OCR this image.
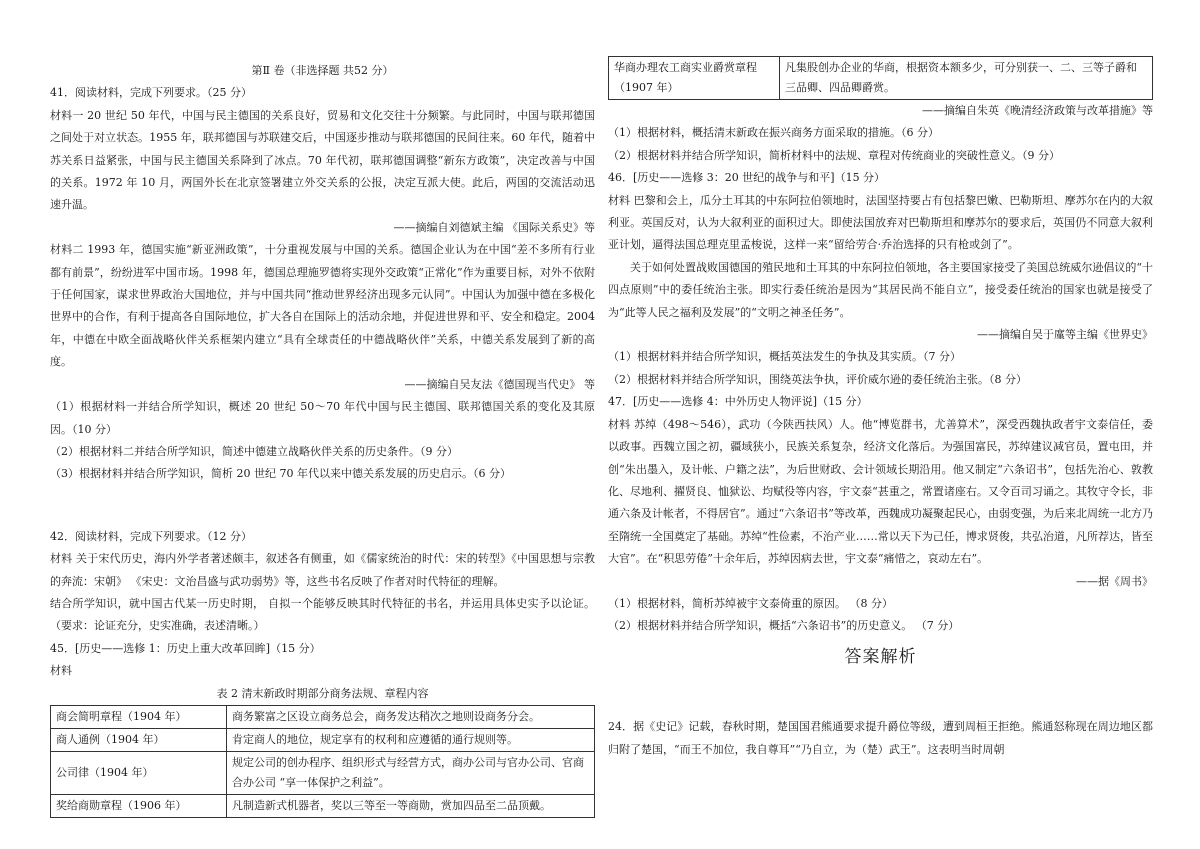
第Ⅱ 卷（非选择题 共52 分）

41．阅读材料，完成下列要求。（25 分）

材料一 20 世纪 50 年代，中国与民主德国的关系良好，贸易和文化交往十分频繁。与此同时，中国与联邦德国之间处于对立状态。1955 年，联邦德国与苏联建交后，中国逐步推动与联邦德国的民间往来。60 年代，随着中苏关系日益紧张，中国与民主德国关系降到了冰点。70 年代初，联邦德国调整“新东方政策”，决定改善与中国的关系。1972 年 10 月，两国外长在北京签署建立外交关系的公报，决定互派大使。此后，两国的交流活动迅速升温。

——摘编自刘德斌主编 《国际关系史》等

材料二 1993 年，德国实施“新亚洲政策”，十分重视发展与中国的关系。德国企业认为在中国“差不多所有行业都有前景”，纷纷进军中国市场。1998 年，德国总理施罗德将实现外交政策“正常化”作为重要目标，对外不依附于任何国家，谋求世界政治大国地位，并与中国共同“推动世界经济出现多元认同”。中国认为加强中德在多极化世界中的合作，有利于提高各自国际地位，扩大各自在国际上的活动余地，并促进世界和平、安全和稳定。2004 年，中德在中欧全面战略伙伴关系框架内建立“具有全球责任的中德战略伙伴”关系，中德关系发展到了新的高度。

——摘编自吴友法《德国现当代史》 等

（1）根据材料一并结合所学知识，概述 20 世纪 50～70 年代中国与民主德国、联邦德国关系的变化及其原因。（10 分）

（2）根据材料二并结合所学知识，简述中德建立战略伙伴关系的历史条件。（9 分）

（3）根据材料并结合所学知识，简析 20 世纪 70 年代以来中德关系发展的历史启示。（6 分）

42．阅读材料，完成下列要求。（12 分）

材料 关于宋代历史，海内外学者著述颇丰，叙述各有侧重，如《儒家统治的时代：宋的转型》《中国思想与宗教的奔流：宋朝》 《宋史：文治昌盛与武功弱势》等，这些书名反映了作者对时代特征的理解。

结合所学知识，就中国古代某一历史时期， 自拟一个能够反映其时代特征的书名，并运用具体史实予以论证。（要求：论证充分，史实准确，表述清晰。）

45．[历史——选修 1：历史上重大改革回眸]（15 分）

材料

表 2 清末新政时期部分商务法规、章程内容

商会简明章程（1904 年）	商务繁富之区设立商务总会，商务发达稍次之地则设商务分会。
商人通例（1904 年）	肯定商人的地位，规定享有的权利和应遵循的通行规则等。
公司律（1904 年）	规定公司的创办程序、组织形式与经营方式，商办公司与官办公司、官商合办公司 “享一体保护之利益”。
奖给商勋章程（1906 年）	凡制造新式机器者，奖以三等至一等商勋，赏加四品至二品顶戴。
华商办理农工商实业爵赏章程（1907 年）	凡集股创办企业的华商，根据资本额多少，可分别获一、二、三等子爵和三品卿、四品卿爵赏。

——摘编自朱英《晚清经济政策与改革措施》等

（1）根据材料，概括清末新政在振兴商务方面采取的措施。（6 分）

（2）根据材料并结合所学知识，简析材料中的法规、章程对传统商业的突破性意义。（9 分）

46．[历史——选修 3：20 世纪的战争与和平]（15 分）

材料 巴黎和会上，瓜分土耳其的中东阿拉伯领地时，法国坚持要占有包括黎巴嫩、巴勒斯坦、摩苏尔在内的大叙利亚。英国反对，认为大叙利亚的面积过大。即使法国放弃对巴勒斯坦和摩苏尔的要求后，英国仍不同意大叙利亚计划，逼得法国总理克里孟梭说，这样一来“留给劳合·乔治选择的只有枪或剑了”。

关于如何处置战败国德国的殖民地和土耳其的中东阿拉伯领地，各主要国家接受了美国总统威尔逊倡议的“十四点原则”中的委任统治主张。即实行委任统治是因为“其居民尚不能自立”，接受委任统治的国家也就是接受了为“此等人民之福利及发展”的“文明之神圣任务”。

——摘编自吴于廑等主编《世界史》

（1）根据材料并结合所学知识，概括英法发生的争执及其实质。（7 分）

（2）根据材料并结合所学知识，围绕英法争执，评价威尔逊的委任统治主张。（8 分）

47．[历史——选修 4：中外历史人物评说]（15 分）

材料 苏绰（498～546），武功（今陕西扶风）人。他“博览群书，尤善算术”，深受西魏执政者宇文泰信任，委以政事。西魏立国之初，疆域狭小，民族关系复杂，经济文化落后。为强国富民，苏绰建议减官员，置屯田，并创“朱出墨入，及计帐、户籍之法”，为后世财政、会计领域长期沿用。他又制定“六条诏书”，包括先治心、敦教化、尽地利、擢贤良、恤狱讼、均赋役等内容，宇文泰“甚重之，常置诸座右。又令百司习诵之。其牧守令长，非通六条及计帐者，不得居官”。通过“六条诏书”等改革，西魏成功凝聚起民心，由弱变强，为后来北周统一北方乃至隋统一全国奠定了基础。苏绰“性俭素，不治产业……常以天下为己任，博求贤俊，共弘治道，凡所荐达，皆至大官”。在“积思劳倦”十余年后，苏绰因病去世，宇文泰“痛惜之，哀动左右”。

——据《周书》

（1）根据材料，简析苏绰被宇文泰倚重的原因。 （8 分）

（2）根据材料并结合所学知识，概括“六条诏书”的历史意义。 （7 分）

答案解析

24．据《史记》记载，春秋时期，楚国国君熊通要求提升爵位等级，遭到周桓王拒绝。熊通怒称现在周边地区都归附了楚国，“而王不加位，我自尊耳”“乃自立，为（楚）武王”。这表明当时周朝
